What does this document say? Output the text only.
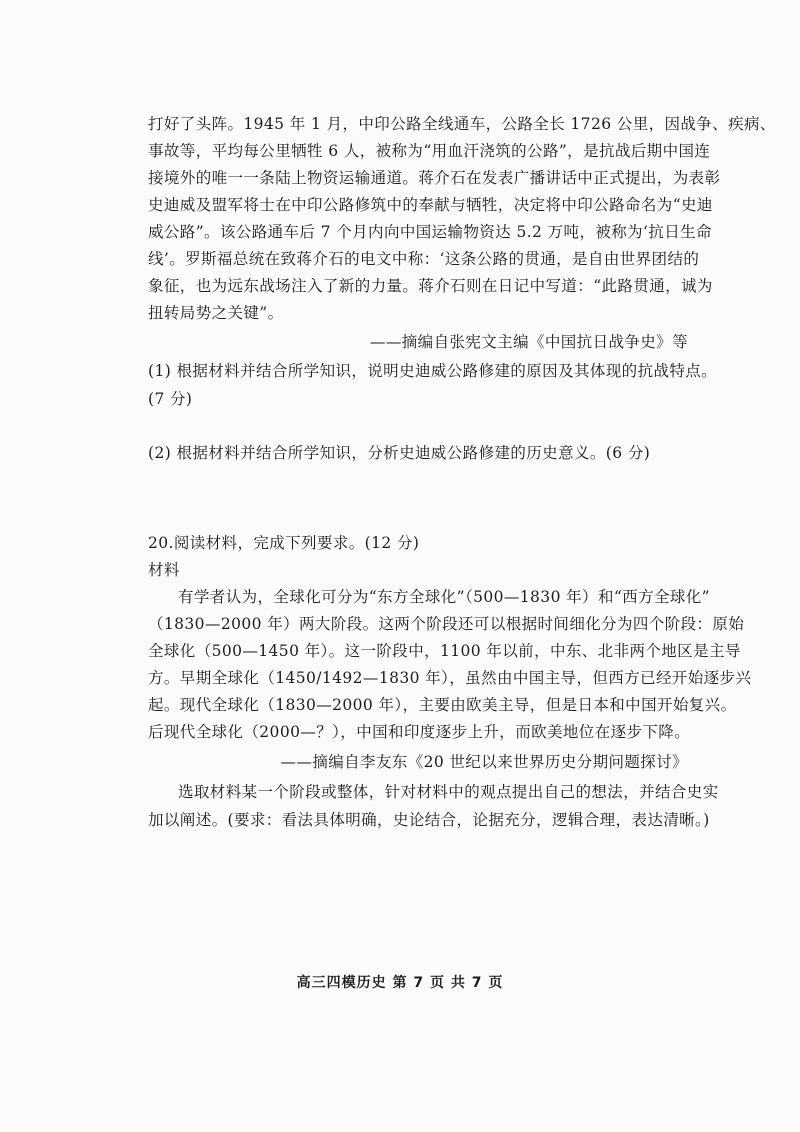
打好了头阵。1945 年 1 月，中印公路全线通车，公路全长 1726 公里，因战争、疾病、
事故等，平均每公里牺牲 6 人，被称为“用血汗浇筑的公路”，是抗战后期中国连
接境外的唯一一条陆上物资运输通道。蒋介石在发表广播讲话中正式提出，为表彰
史迪威及盟军将士在中印公路修筑中的奉献与牺牲，决定将中印公路命名为“史迪
威公路”。该公路通车后 7 个月内向中国运输物资达 5.2 万吨，被称为‘抗日生命
线’。罗斯福总统在致蒋介石的电文中称：‘这条公路的贯通，是自由世界团结的
象征，也为远东战场注入了新的力量。蒋介石则在日记中写道：“此路贯通，诚为
扭转局势之关键”。
——摘编自张宪文主编《中国抗日战争史》等
(1) 根据材料并结合所学知识，说明史迪威公路修建的原因及其体现的抗战特点。
(7 分)
(2) 根据材料并结合所学知识，分析史迪威公路修建的历史意义。(6 分)
20.阅读材料，完成下列要求。(12 分)
材料
有学者认为，全球化可分为“东方全球化”（500—1830 年）和“西方全球化”
（1830—2000 年）两大阶段。这两个阶段还可以根据时间细化分为四个阶段：原始
全球化（500—1450 年）。这一阶段中，1100 年以前，中东、北非两个地区是主导
方。早期全球化（1450/1492—1830 年），虽然由中国主导，但西方已经开始逐步兴
起。现代全球化（1830—2000 年），主要由欧美主导，但是日本和中国开始复兴。
后现代全球化（2000—？），中国和印度逐步上升，而欧美地位在逐步下降。
——摘编自李友东《20 世纪以来世界历史分期问题探讨》
选取材料某一个阶段或整体，针对材料中的观点提出自己的想法，并结合史实
加以阐述。(要求：看法具体明确，史论结合，论据充分，逻辑合理，表达清晰。)
高三四模历史 第 7 页 共 7 页
